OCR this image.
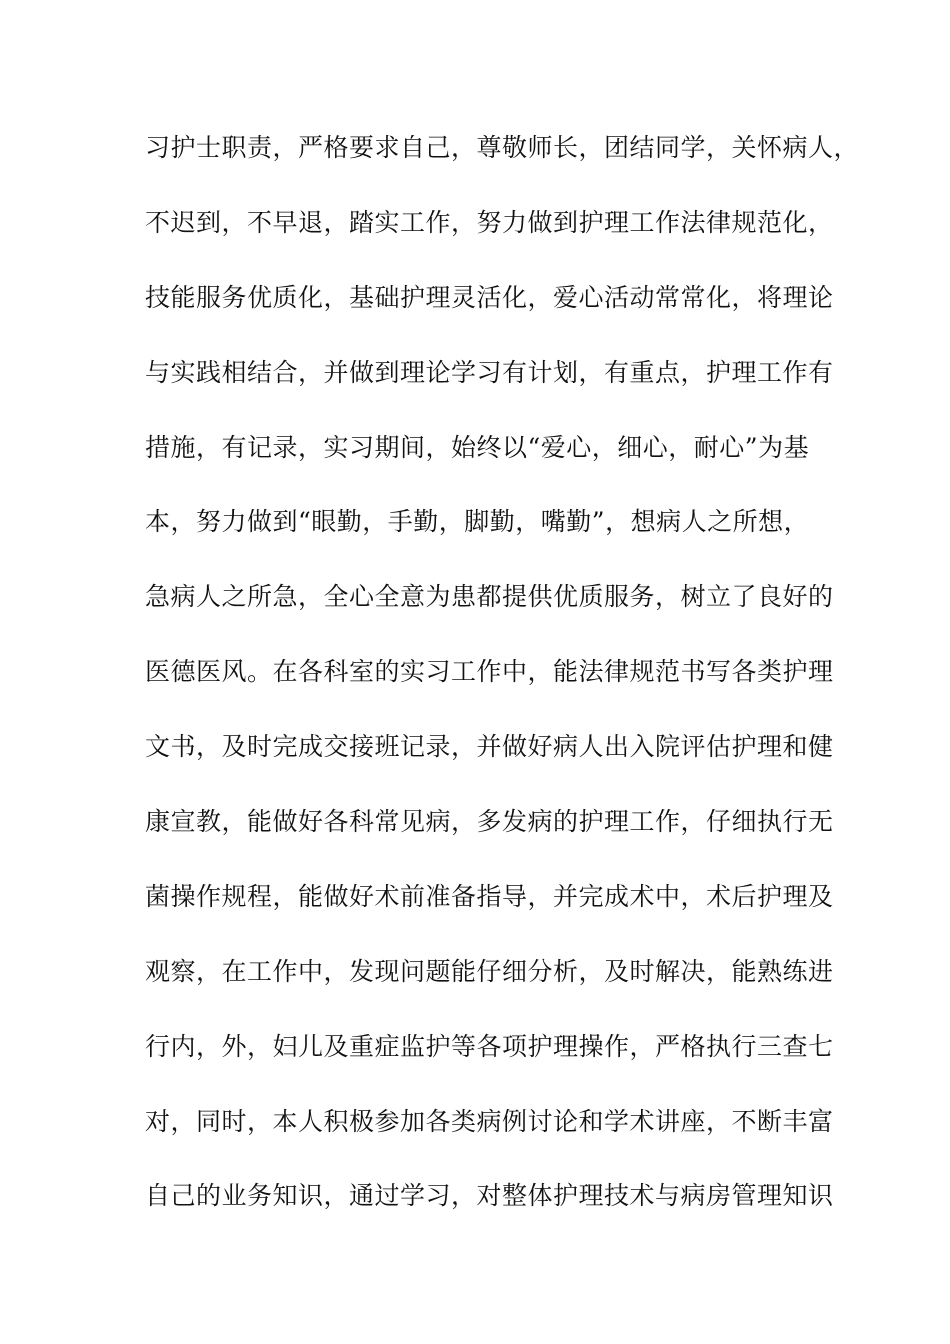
习护士职责，严格要求自己，尊敬师长，团结同学，关怀病人，
不迟到，不早退，踏实工作，努力做到护理工作法律规范化，
技能服务优质化，基础护理灵活化，爱心活动常常化，将理论
与实践相结合，并做到理论学习有计划，有重点，护理工作有
措施，有记录，实习期间，始终以“爱心，细心，耐心”为基
本，努力做到“眼勤，手勤，脚勤，嘴勤”，想病人之所想，
急病人之所急，全心全意为患都提供优质服务，树立了良好的
医德医风。在各科室的实习工作中，能法律规范书写各类护理
文书，及时完成交接班记录，并做好病人出入院评估护理和健
康宣教，能做好各科常见病，多发病的护理工作，仔细执行无
菌操作规程，能做好术前准备指导，并完成术中，术后护理及
观察，在工作中，发现问题能仔细分析，及时解决，能熟练进
行内，外，妇儿及重症监护等各项护理操作，严格执行三查七
对，同时，本人积极参加各类病例讨论和学术讲座，不断丰富
自己的业务知识，通过学习，对整体护理技术与病房管理知识
